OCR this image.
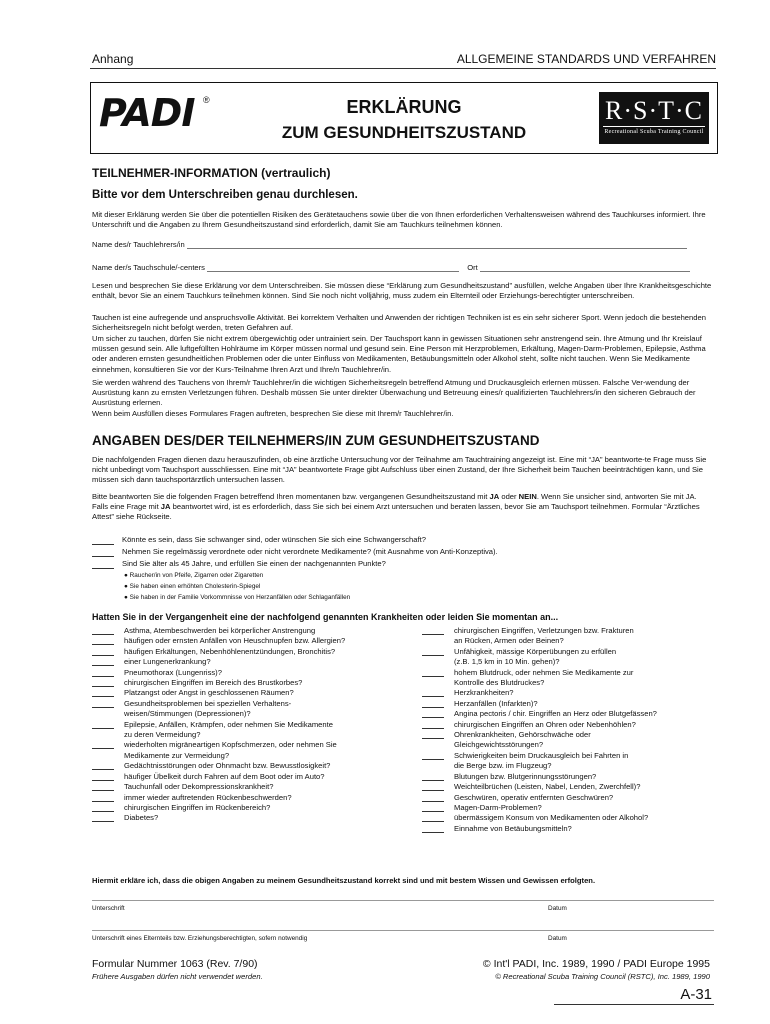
Anhang	ALLGEMEINE STANDARDS UND VERFAHREN
PADI ®	ERKLÄRUNG
ZUM GESUNDHEITSZUSTAND
R·S·T·C
Recreational Scuba Training Council
TEILNEHMER-INFORMATION (vertraulich)
Bitte vor dem Unterschreiben genau durchlesen.
Mit dieser Erklärung werden Sie über die potentiellen Risiken des Gerätetauchens sowie über die von Ihnen erforderlichen Verhaltensweisen während des Tauchkurses informiert. Ihre Unterschrift und die Angaben zu Ihrem Gesundheitszustand sind erforderlich, damit Sie am Tauchkurs teilnehmen können.
Name des/r Tauchlehrers/in
Name der/s Tauchschule/-centers	Ort
Lesen und besprechen Sie diese Erklärung vor dem Unterschreiben. Sie müssen diese “Erklärung zum Gesundheitszustand” ausfüllen, welche Angaben über Ihre Krankheitsgeschichte enthält, bevor Sie an einem Tauchkurs teilnehmen können. Sind Sie noch nicht volljährig, muss zudem ein Elternteil oder Erziehungs-berechtigter unterschreiben.
Tauchen ist eine aufregende und anspruchsvolle Aktivität. Bei korrektem Verhalten und Anwenden der richtigen Techniken ist es ein sehr sicherer Sport. Wenn jedoch die bestehenden Sicherheitsregeln nicht befolgt werden, treten Gefahren auf.
Um sicher zu tauchen, dürfen Sie nicht extrem übergewichtig oder untrainiert sein. Der Tauchsport kann in gewissen Situationen sehr anstrengend sein. Ihre Atmung und Ihr Kreislauf müssen gesund sein. Alle luftgefüllten Hohlräume im Körper müssen normal und gesund sein. Eine Person mit Herzproblemen, Erkältung, Magen-Darm-Problemen, Epilepsie, Asthma oder anderen ernsten gesundheitlichen Problemen oder die unter Einfluss von Medikamenten, Betäubungsmitteln oder Alkohol steht, sollte nicht tauchen. Wenn Sie Medikamente einnehmen, konsultieren Sie vor der Kurs-Teilnahme Ihren Arzt und Ihre/n Tauchlehrer/in.
Sie werden während des Tauchens von Ihrem/r Tauchlehrer/in die wichtigen Sicherheitsregeln betreffend Atmung und Druckausgleich erlernen müssen. Falsche Ver-wendung der Ausrüstung kann zu ernsten Verletzungen führen. Deshalb müssen Sie unter direkter Überwachung und Betreuung eines/r qualifizierten Tauchlehrers/in den sicheren Gebrauch der Ausrüstung erlernen.
Wenn beim Ausfüllen dieses Formulares Fragen auftreten, besprechen Sie diese mit Ihrem/r Tauchlehrer/in.
ANGABEN DES/DER TEILNEHMERS/IN ZUM GESUNDHEITSZUSTAND
Die nachfolgenden Fragen dienen dazu herauszufinden, ob eine ärztliche Untersuchung vor der Teilnahme am Tauchtraining angezeigt ist. Eine mit “JA” beantworte-te Frage muss Sie nicht unbedingt vom Tauchsport ausschliessen. Eine mit “JA” beantwortete Frage gibt Aufschluss über einen Zustand, der Ihre Sicherheit beim Tauchen beeinträchtigen kann, und Sie müssen sich dann tauchsportärztlich untersuchen lassen.
Bitte beantworten Sie die folgenden Fragen betreffend Ihren momentanen bzw. vergangenen Gesundheitszustand mit JA oder NEIN. Wenn Sie unsicher sind, antworten Sie mit JA. Falls eine Frage mit JA beantwortet wird, ist es erforderlich, dass Sie sich bei einem Arzt untersuchen und beraten lassen, bevor Sie am Tauchsport teilnehmen. Formular “Ärztliches Attest” siehe Rückseite.
Könnte es sein, dass Sie schwanger sind, oder wünschen Sie sich eine Schwangerschaft?
Nehmen Sie regelmässig verordnete oder nicht verordnete Medikamente? (mit Ausnahme von Anti-Konzeptiva).
Sind Sie älter als 45 Jahre, und erfüllen Sie einen der nachgenannten Punkte?
● Raucher/in von Pfeife, Zigarren oder Zigaretten
● Sie haben einen erhöhten Cholesterin-Spiegel
● Sie haben in der Familie Vorkommnisse von Herzanfällen oder Schlaganfällen
Hatten Sie in der Vergangenheit eine der nachfolgend genannten Krankheiten oder leiden Sie momentan an...
Asthma, Atembeschwerden bei körperlicher Anstrengung
häufigen oder ernsten Anfällen von Heuschnupfen bzw. Allergien?
häufigen Erkältungen, Nebenhöhlenentzündungen, Bronchitis?
einer Lungenerkrankung?
Pneumothorax (Lungenriss)?
chirurgischen Eingriffen im Bereich des Brustkorbes?
Platzangst oder Angst in geschlossenen Räumen?
Gesundheitsproblemen bei speziellen Verhaltens-
weisen/Stimmungen (Depressionen)?
Epilepsie, Anfällen, Krämpfen, oder nehmen Sie Medikamente
zu deren Vermeidung?
wiederholten migräneartigen Kopfschmerzen, oder nehmen Sie
Medikamente zur Vermeidung?
Gedächtnisstörungen oder Ohnmacht bzw. Bewusstlosigkeit?
häufiger Übelkeit durch Fahren auf dem Boot oder im Auto?
Tauchunfall oder Dekompressionskrankheit?
immer wieder auftretenden Rückenbeschwerden?
chirurgischen Eingriffen im Rückenbereich?
Diabetes?
chirurgischen Eingriffen, Verletzungen bzw. Frakturen
an Rücken, Armen oder Beinen?
Unfähigkeit, mässige Körperübungen zu erfüllen
(z.B. 1,5 km in 10 Min. gehen)?
hohem Blutdruck, oder nehmen Sie Medikamente zur
Kontrolle des Blutdruckes?
Herzkrankheiten?
Herzanfällen (Infarkten)?
Angina pectoris / chir. Eingriffen an Herz oder Blutgefässen?
chirurgischen Eingriffen an Ohren oder Nebenhöhlen?
Ohrenkrankheiten, Gehörschwäche oder
Gleichgewichtsstörungen?
Schwierigkeiten beim Druckausgleich bei Fahrten in
die Berge bzw. im Flugzeug?
Blutungen bzw. Blutgerinnungsstörungen?
Weichteilbrüchen (Leisten, Nabel, Lenden, Zwerchfell)?
Geschwüren, operativ entfernten Geschwüren?
Magen-Darm-Problemen?
übermässigem Konsum von Medikamenten oder Alkohol?
Einnahme von Betäubungsmitteln?
Hiermit erkläre ich, dass die obigen Angaben zu meinem Gesundheitszustand korrekt sind und mit bestem Wissen und Gewissen erfolgten.
Unterschrift	Datum
Unterschrift eines Elternteils bzw. Erziehungsberechtigten, sofern notwendig	Datum
Formular Nummer 1063 (Rev. 7/90)
Frühere Ausgaben dürfen nicht verwendet werden.
© Int'l PADI, Inc. 1989, 1990 / PADI Europe 1995
© Recreational Scuba Training Council (RSTC), Inc. 1989, 1990
A-31
